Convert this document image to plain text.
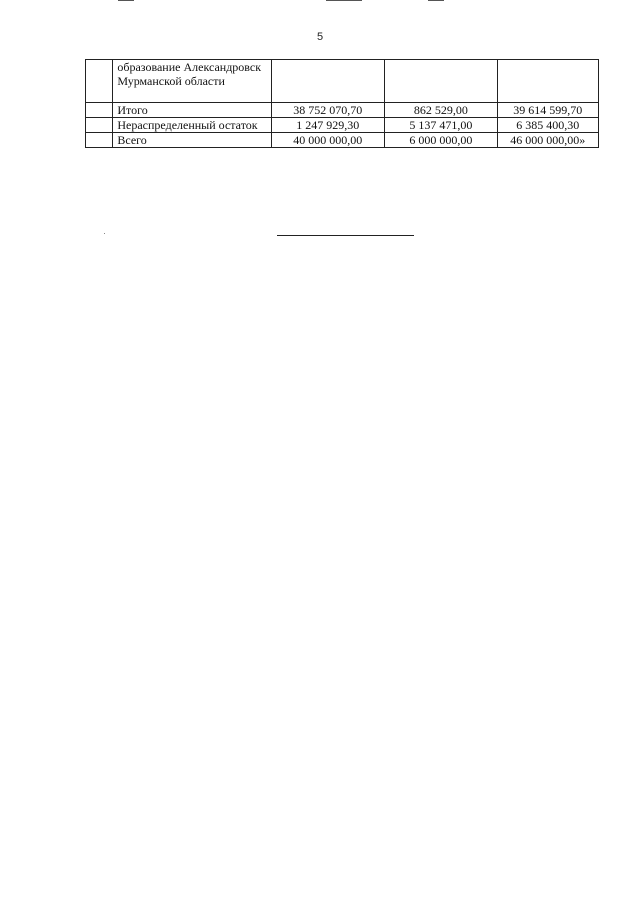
5
	образование Александровск Мурманской области			
	Итого	38 752 070,70	862 529,00	39 614 599,70
	Нераспределенный остаток	1 247 929,30	5 137 471,00	6 385 400,30
	Всего	40 000 000,00	6 000 000,00	46 000 000,00»
